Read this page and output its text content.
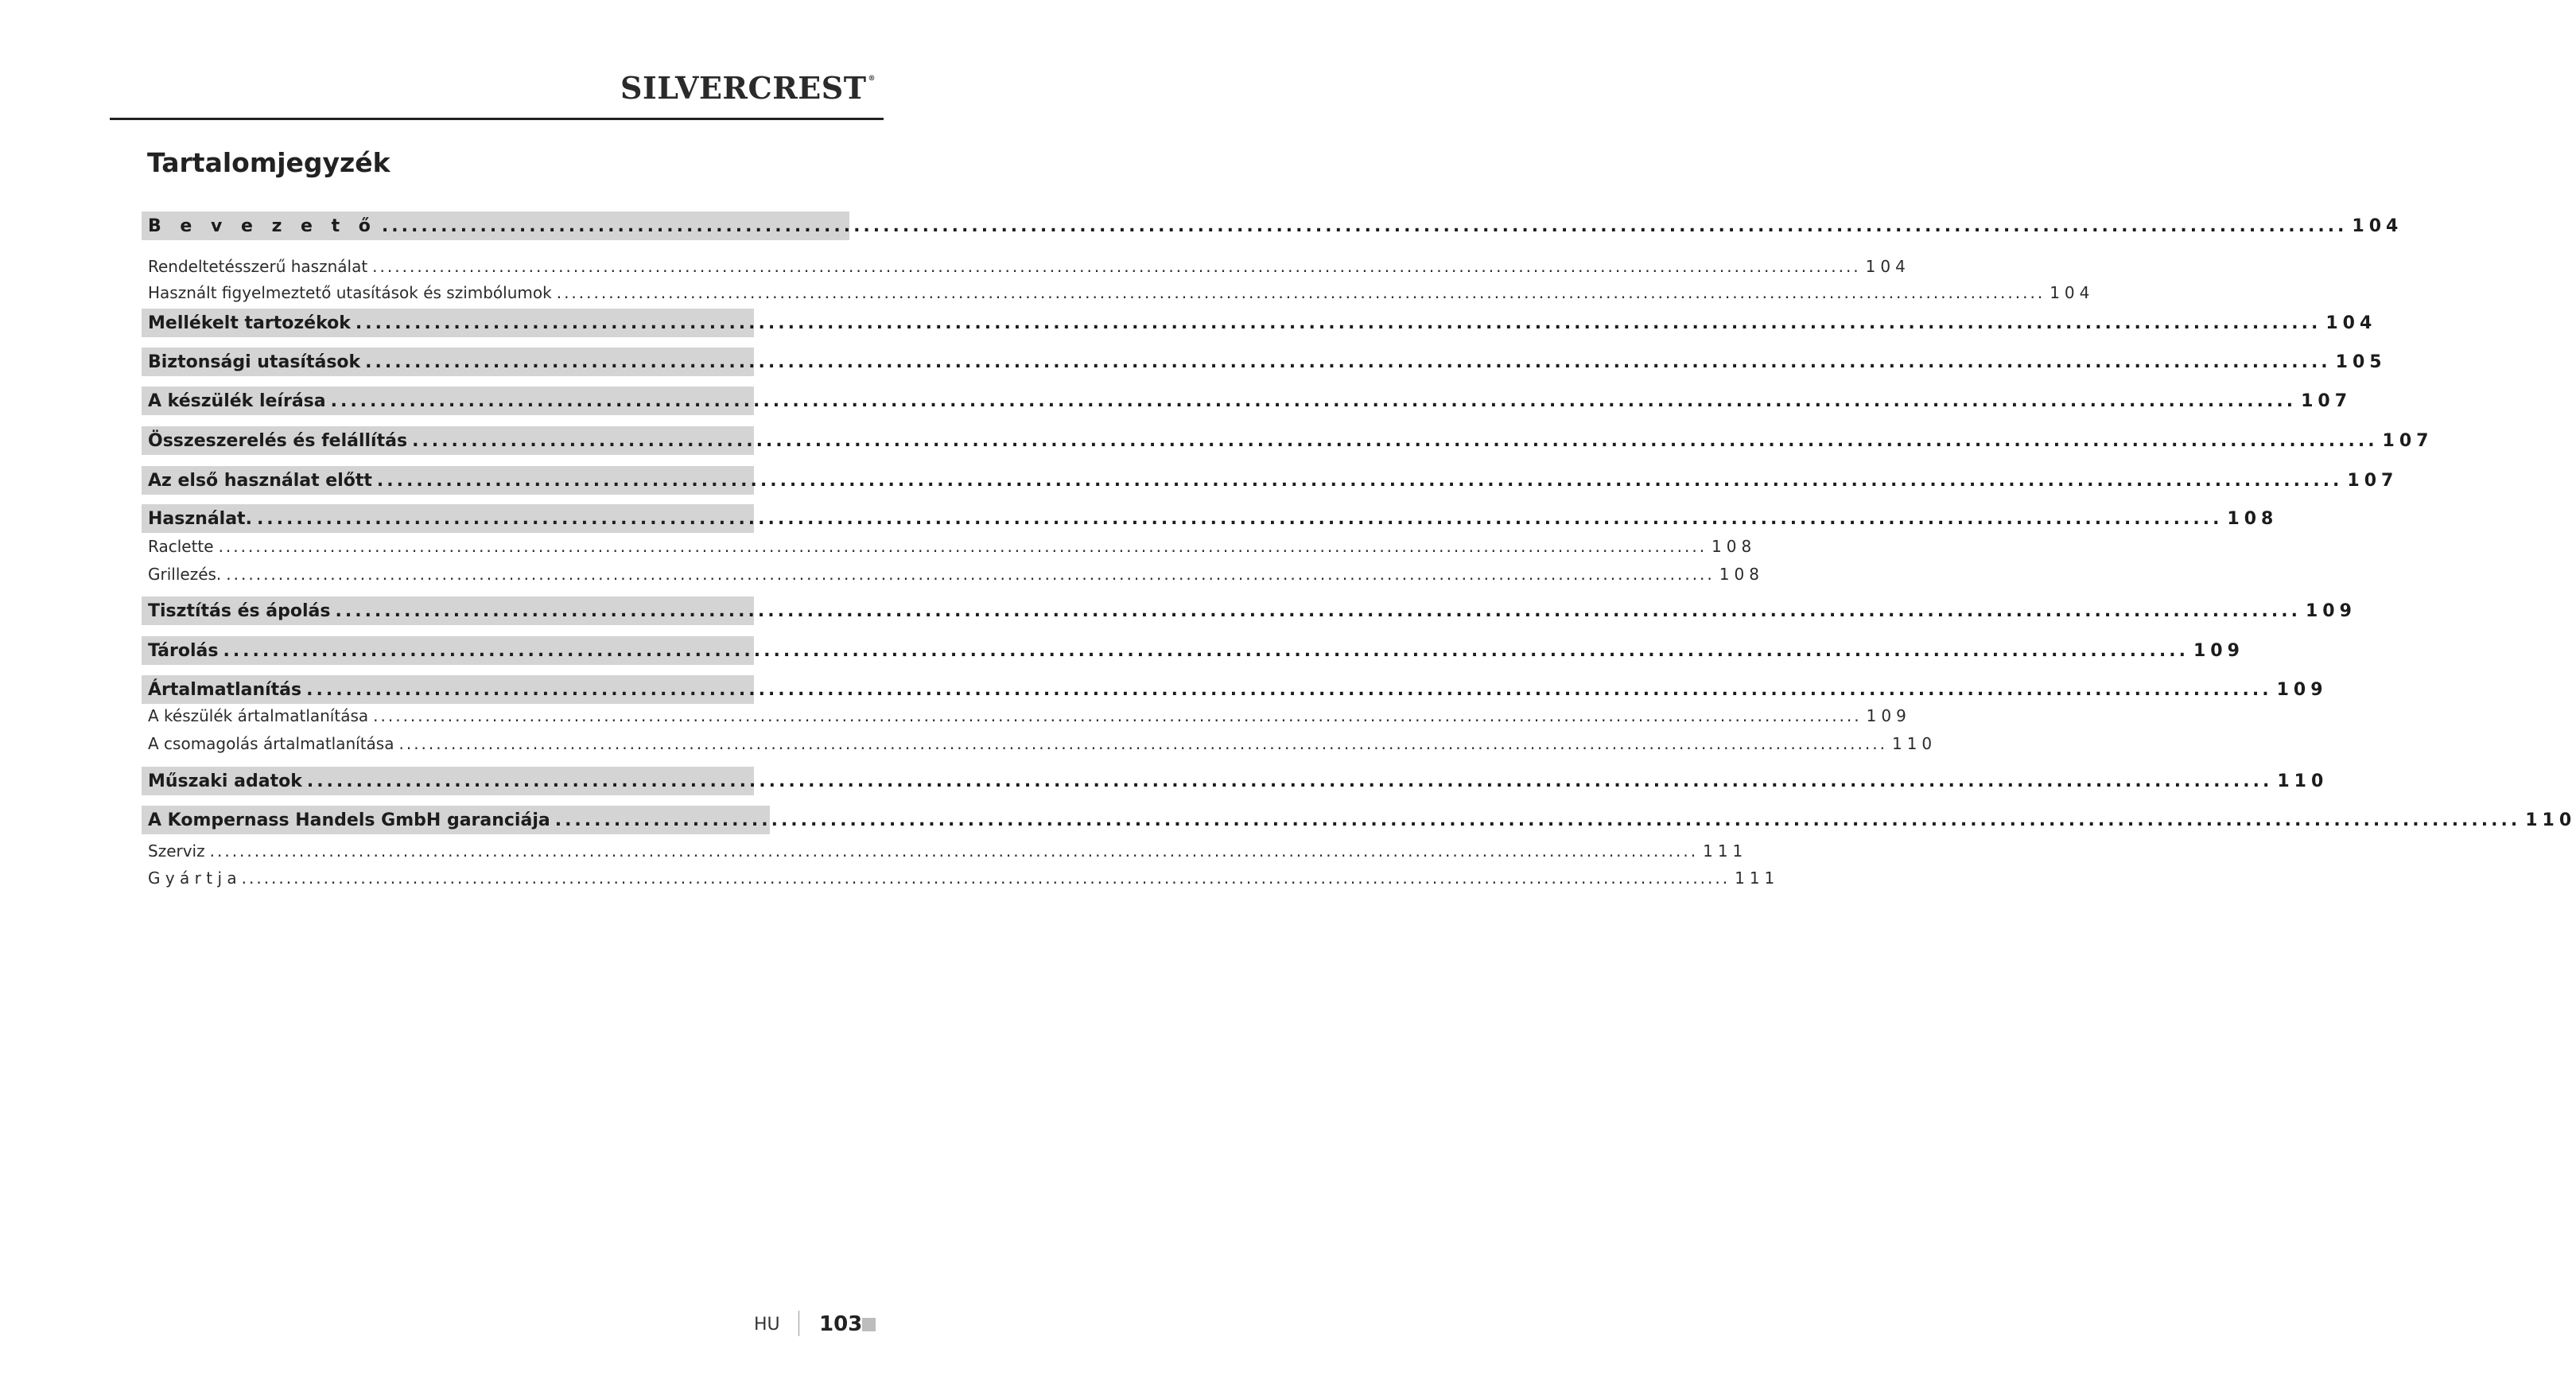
SILVERCREST ®
Tartalomjegyzék
B e v e z e t ő ........................................................................................................................................................................................................ 104
Rendeltetésszerű használat ........................................................................................................................................................................................................ 104
Használt figyelmeztető utasítások és szimbólumok ........................................................................................................................................................................................................ 104
Mellékelt tartozékok ........................................................................................................................................................................................................ 104
Biztonsági utasítások ........................................................................................................................................................................................................ 105
A készülék leírása ........................................................................................................................................................................................................ 107
Összeszerelés és felállítás ........................................................................................................................................................................................................ 107
Az első használat előtt ........................................................................................................................................................................................................ 107
Használat. ........................................................................................................................................................................................................ 108
Raclette ........................................................................................................................................................................................................ 108
Grillezés. ........................................................................................................................................................................................................ 108
Tisztítás és ápolás ........................................................................................................................................................................................................ 109
Tárolás ........................................................................................................................................................................................................ 109
Ártalmatlanítás ........................................................................................................................................................................................................ 109
A készülék ártalmatlanítása ........................................................................................................................................................................................................ 109
A csomagolás ártalmatlanítása ........................................................................................................................................................................................................ 110
Műszaki adatok ........................................................................................................................................................................................................ 110
A Kompernass Handels GmbH garanciája ........................................................................................................................................................................................................ 110
Szerviz ........................................................................................................................................................................................................ 111
G y á r t j a ........................................................................................................................................................................................................ 111
HU 103
